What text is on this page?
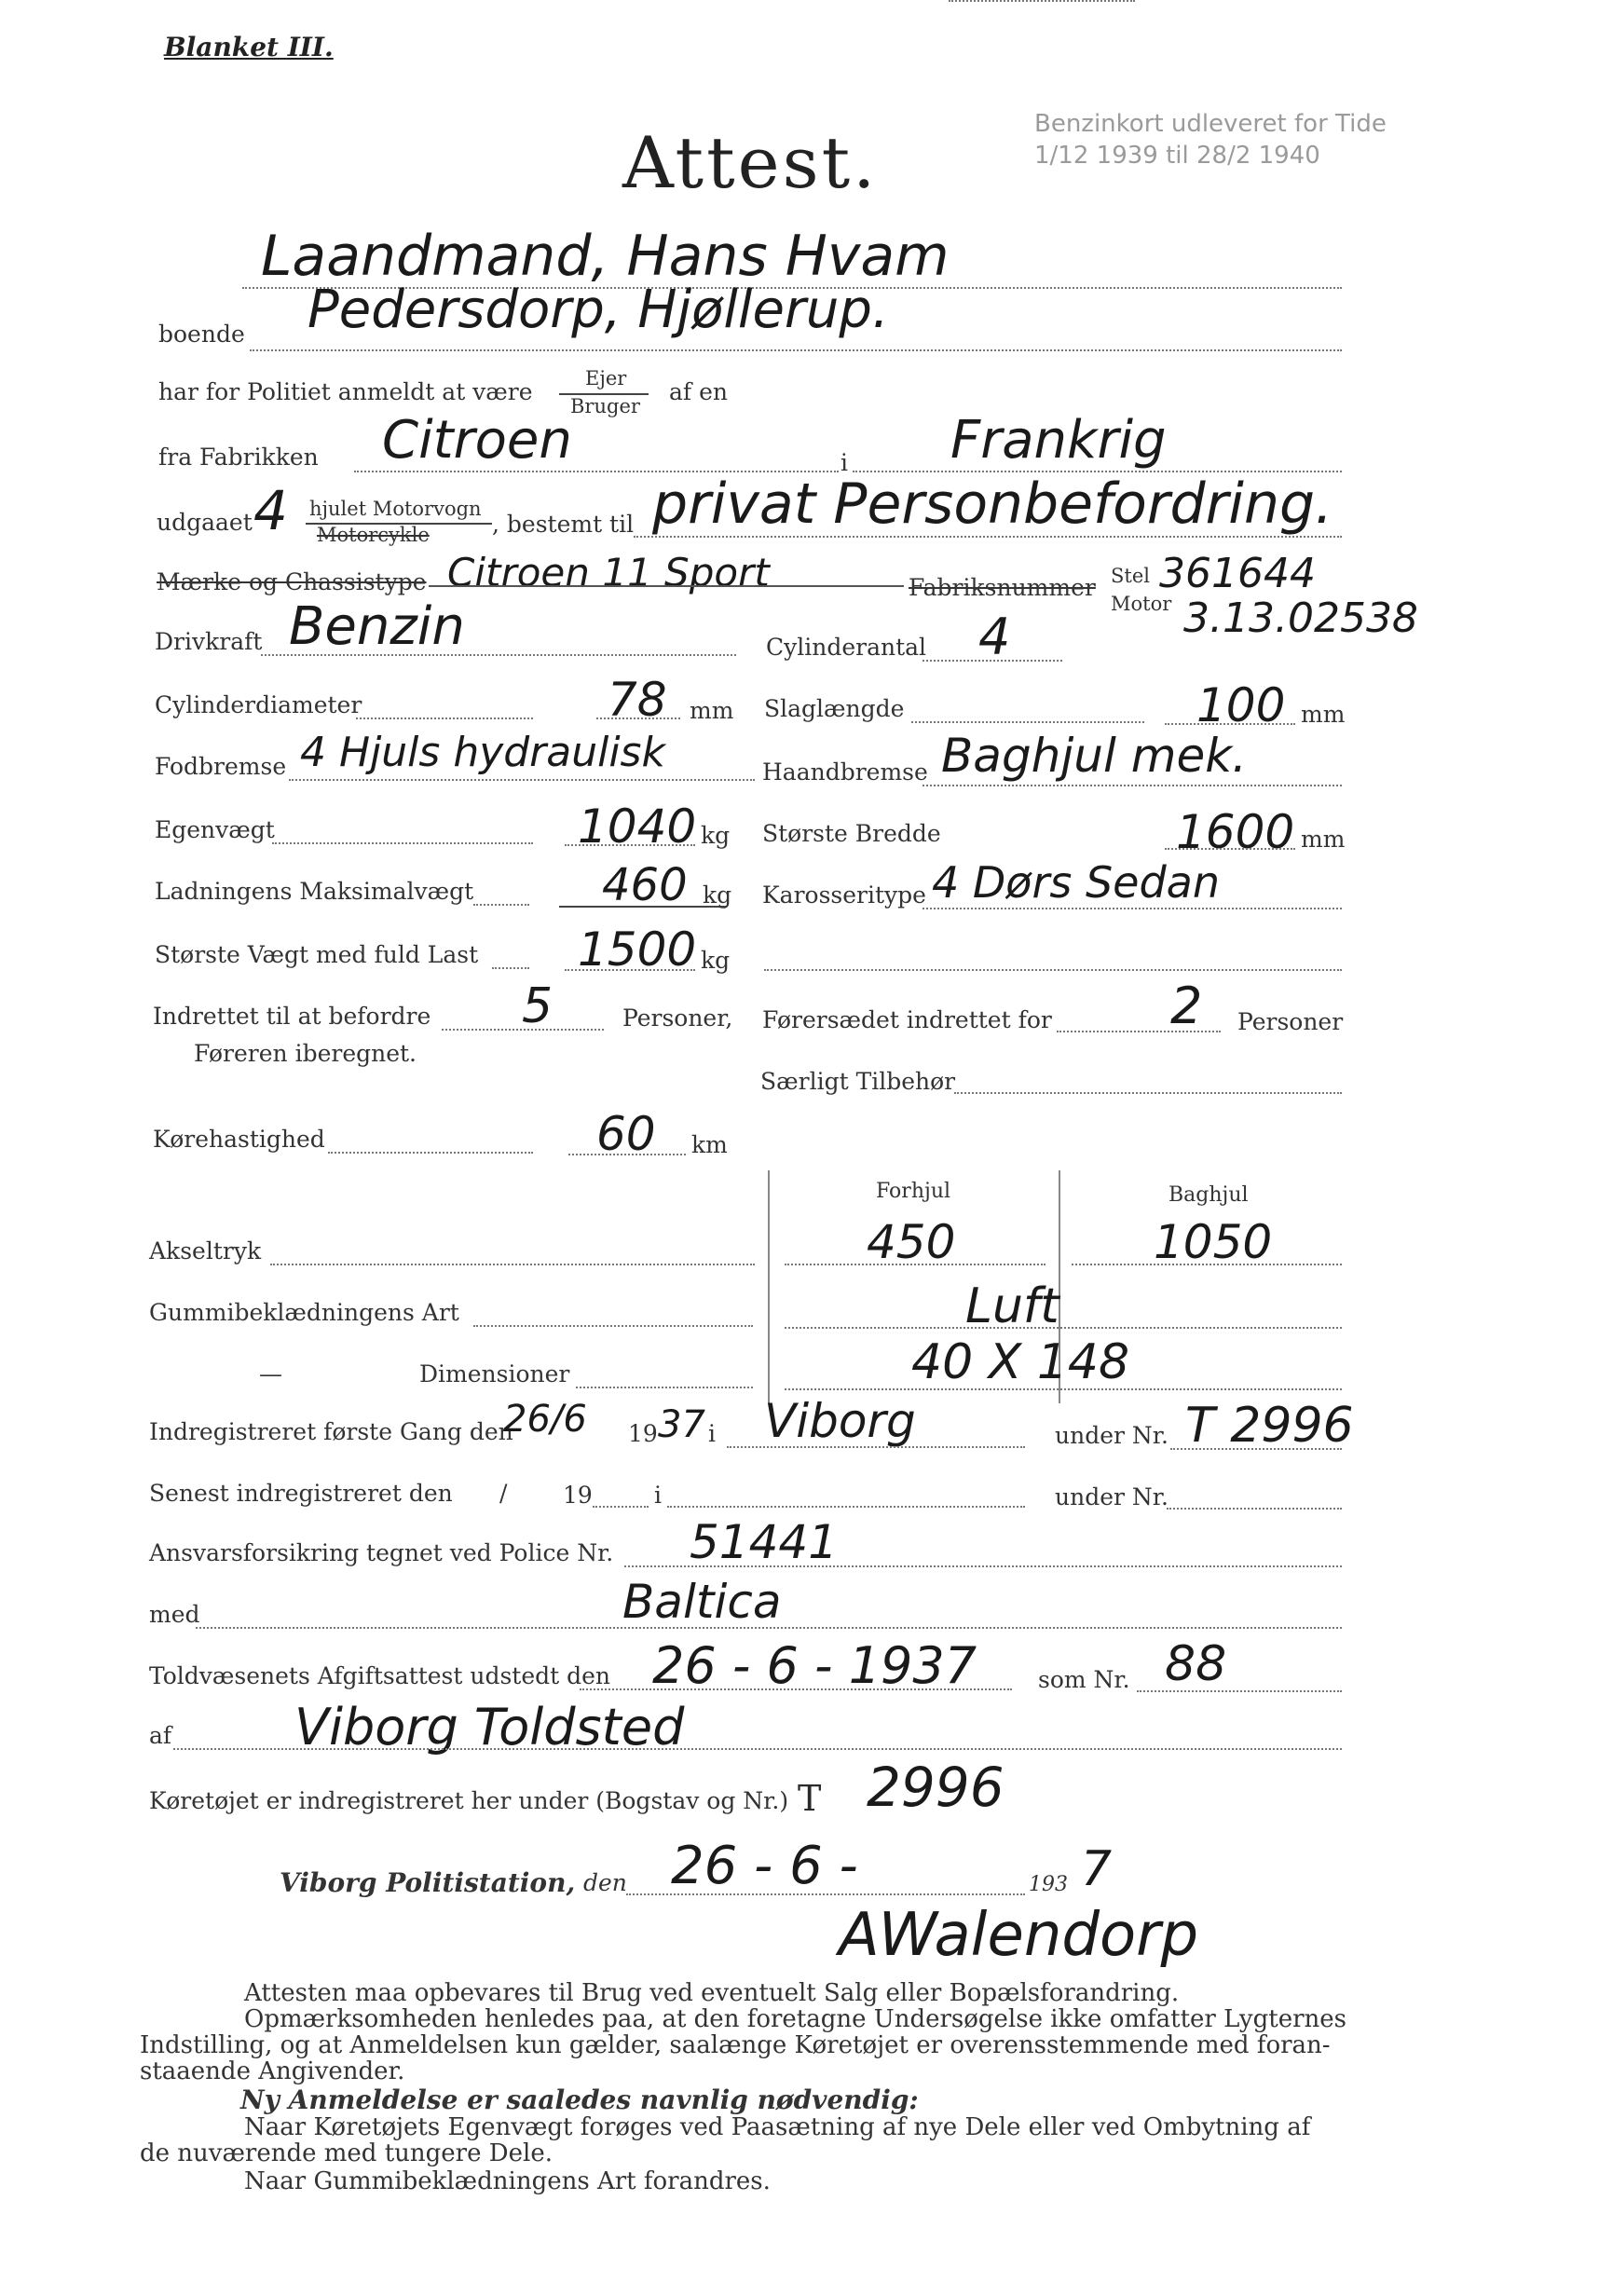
Blanket III.
Attest.	Benzinkort udleveret for Tide
1/12 1939 til 28/2 1940
Laandmand, Hans Hvam
boende Pedersdorp, Hjøllerup.
har for Politiet anmeldt at være	Ejer
Bruger
af en
fra Fabrikken Citroen	i Frankrig
udgaaet 4 hjulet Motorvogn
Motorcykle	, bestemt til privat Personbefordring.
Mærke og Chassistype Citroen 11 Sport	Fabriksnummer Stel 361644
Motor 3.13.02538
Drivkraft Benzin	Cylinderantal 4
Cylinderdiameter	78 mm Slaglængde	100 mm
Fodbremse 4 Hjuls hydraulisk	Haandbremse Baghjul mek.
Egenvægt	1040 kg Største Bredde	1600 mm
Ladningens Maksimalvægt	460 kg Karosseritype 4 Dørs Sedan
Største Vægt med fuld Last 1500 kg
Indrettet til at befordre 5	Personer,
Føreren iberegnet.
Førersædet indrettet for 2 Personer
Særligt Tilbehør
Kørehastighed	60 km
Forhjul	Baghjul
Akseltryk	450	1050
Gummibeklædningens Art	Luft
—	Dimensioner	40 X 148
Indregistreret første Gang den
26/6 19 37 i Viborg	under Nr. T 2996
Senest indregistreret den / 19	i	under Nr.
Ansvarsforsikring tegnet ved Police Nr. 51441
med	Baltica
Toldvæsenets Afgiftsattest udstedt den 26 - 6 - 1937	som Nr. 88
af Viborg Toldsted
Køretøjet er indregistreret her under (Bogstav og Nr.) T 2996
Viborg Politistation, den 26 - 6 -	193 7
AWalendorp
Attesten maa opbevares til Brug ved eventuelt Salg eller Bopælsforandring.
Opmærksomheden henledes paa, at den foretagne Undersøgelse ikke omfatter Lygternes
Indstilling, og at Anmeldelsen kun gælder, saalænge Køretøjet er overensstemmende med foran-
staaende Angivender.
Ny Anmeldelse er saaledes navnlig nødvendig:
Naar Køretøjets Egenvægt forøges ved Paasætning af nye Dele eller ved Ombytning af
de nuværende med tungere Dele.
Naar Gummibeklædningens Art forandres.
